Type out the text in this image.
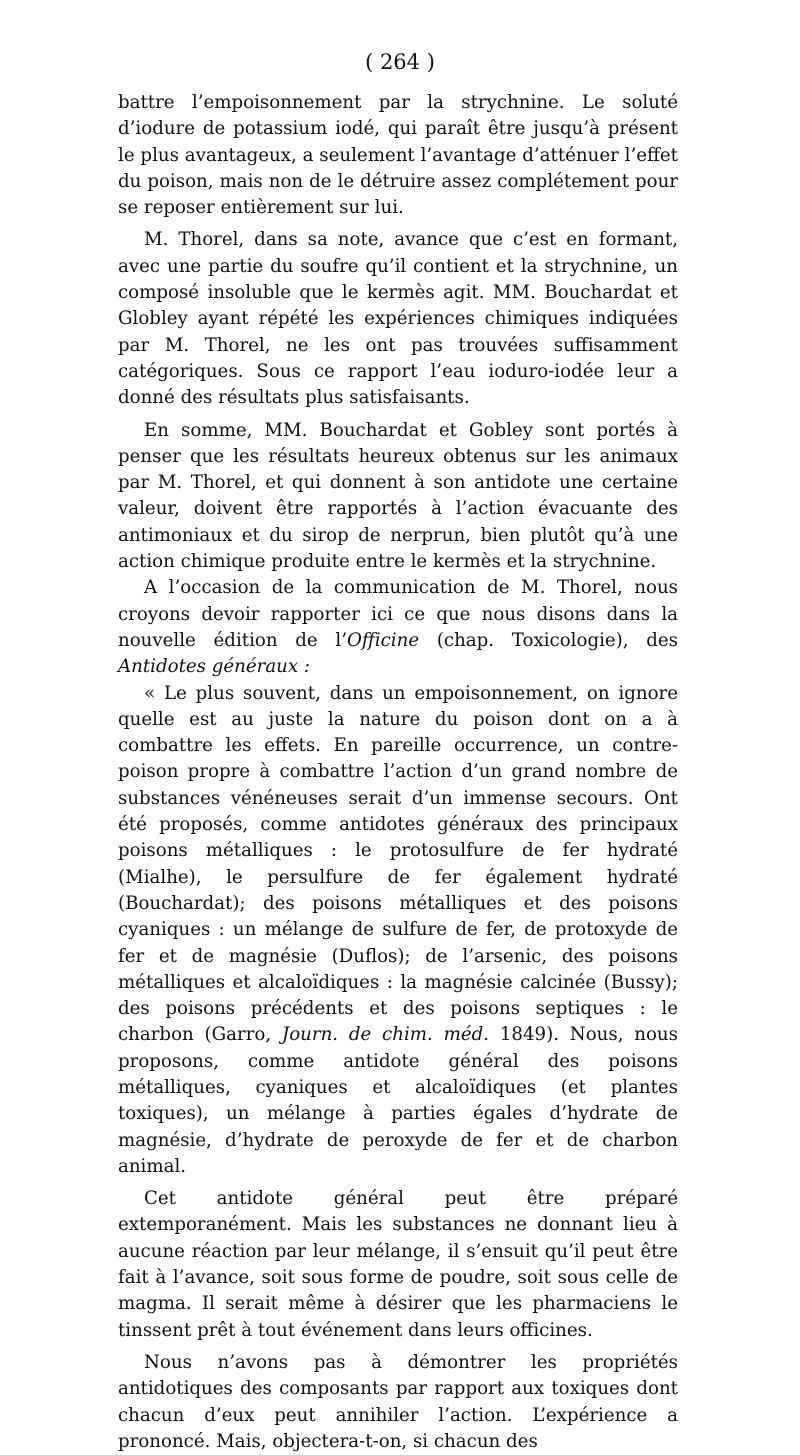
( 264 )

battre l’empoisonnement par la strychnine. Le soluté d’iodure de potassium iodé, qui paraît être jusqu’à présent le plus avantageux, a seulement l’avantage d’atténuer l’effet du poison, mais non de le détruire assez complétement pour se reposer entièrement sur lui.

M. Thorel, dans sa note, avance que c’est en formant, avec une partie du soufre qu’il contient et la strychnine, un composé insoluble que le kermès agit. MM. Bouchardat et Globley ayant répété les expériences chimiques indiquées par M. Thorel, ne les ont pas trouvées suffisamment catégoriques. Sous ce rapport l’eau ioduro-iodée leur a donné des résultats plus satisfaisants.

En somme, MM. Bouchardat et Gobley sont portés à penser que les résultats heureux obtenus sur les animaux par M. Thorel, et qui donnent à son antidote une certaine valeur, doivent être rapportés à l’action évacuante des antimoniaux et du sirop de nerprun, bien plutôt qu’à une action chimique produite entre le kermès et la strychnine.

A l’occasion de la communication de M. Thorel, nous croyons devoir rapporter ici ce que nous disons dans la nouvelle édition de l’Officine (chap. Toxicologie), des Antidotes généraux :

« Le plus souvent, dans un empoisonnement, on ignore quelle est au juste la nature du poison dont on a à combattre les effets. En pareille occurrence, un contre-poison propre à combattre l’action d’un grand nombre de substances vénéneuses serait d’un immense secours. Ont été proposés, comme antidotes généraux des principaux poisons métalliques : le protosulfure de fer hydraté (Mialhe), le persulfure de fer également hydraté (Bouchardat); des poisons métalliques et des poisons cyaniques : un mélange de sulfure de fer, de protoxyde de fer et de magnésie (Duflos); de l’arsenic, des poisons métalliques et alcaloïdiques : la magnésie calcinée (Bussy); des poisons précédents et des poisons septiques : le charbon (Garro, Journ. de chim. méd. 1849). Nous, nous proposons, comme antidote général des poisons métalliques, cyaniques et alcaloïdiques (et plantes toxiques), un mélange à parties égales d’hydrate de magnésie, d’hydrate de peroxyde de fer et de charbon animal.

Cet antidote général peut être préparé extemporanément. Mais les substances ne donnant lieu à aucune réaction par leur mélange, il s’ensuit qu’il peut être fait à l’avance, soit sous forme de poudre, soit sous celle de magma. Il serait même à désirer que les pharmaciens le tinssent prêt à tout événement dans leurs officines.

Nous n’avons pas à démontrer les propriétés antidotiques des composants par rapport aux toxiques dont chacun d’eux peut annihiler l’action. L’expérience a prononcé. Mais, objectera-t-on, si chacun des
